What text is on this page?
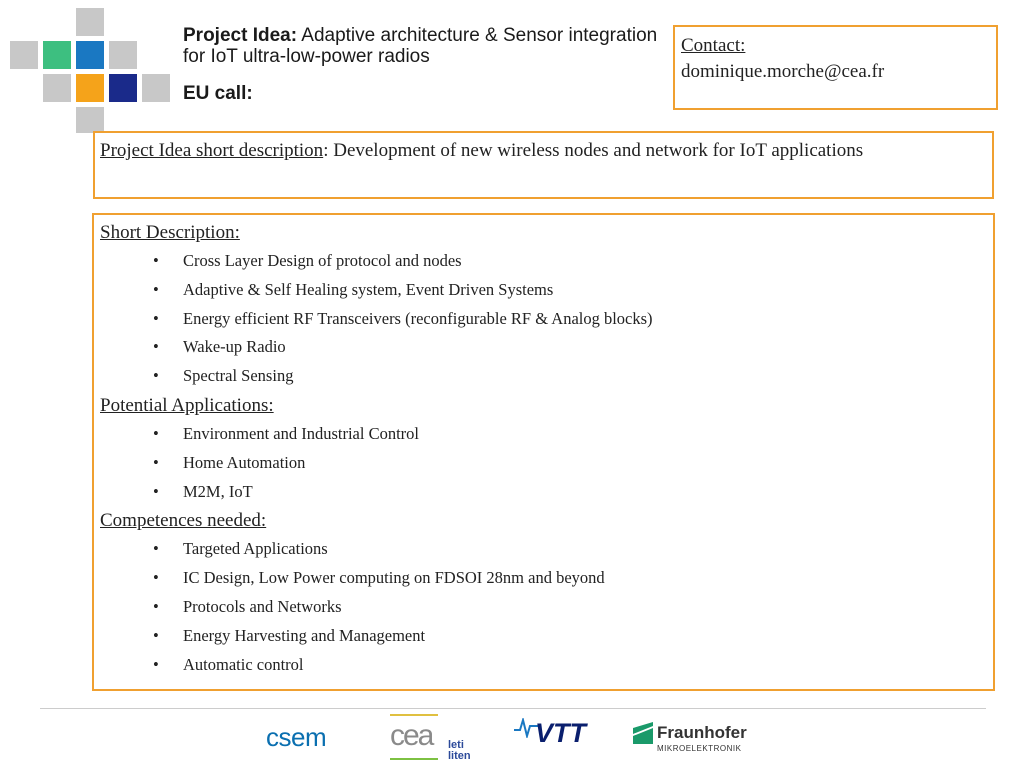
Project Idea: Adaptive architecture & Sensor integration for IoT ultra-low-power radios
EU call:
Contact:
dominique.morche@cea.fr
Project Idea short description: Development of new wireless nodes and network for IoT applications
Short Description:
• Cross Layer Design of protocol and nodes
• Adaptive & Self Healing system, Event Driven Systems
• Energy efficient RF Transceivers (reconfigurable RF & Analog blocks)
• Wake-up Radio
• Spectral Sensing
Potential Applications:
• Environment and Industrial Control
• Home Automation
• M2M, IoT
Competences needed:
• Targeted Applications
• IC Design, Low Power computing on FDSOI 28nm and beyond
• Protocols and Networks
• Energy Harvesting and Management
• Automatic control
csem cea leti
liten
VTT	Fraunhofer
MIKROELEKTRONIK
